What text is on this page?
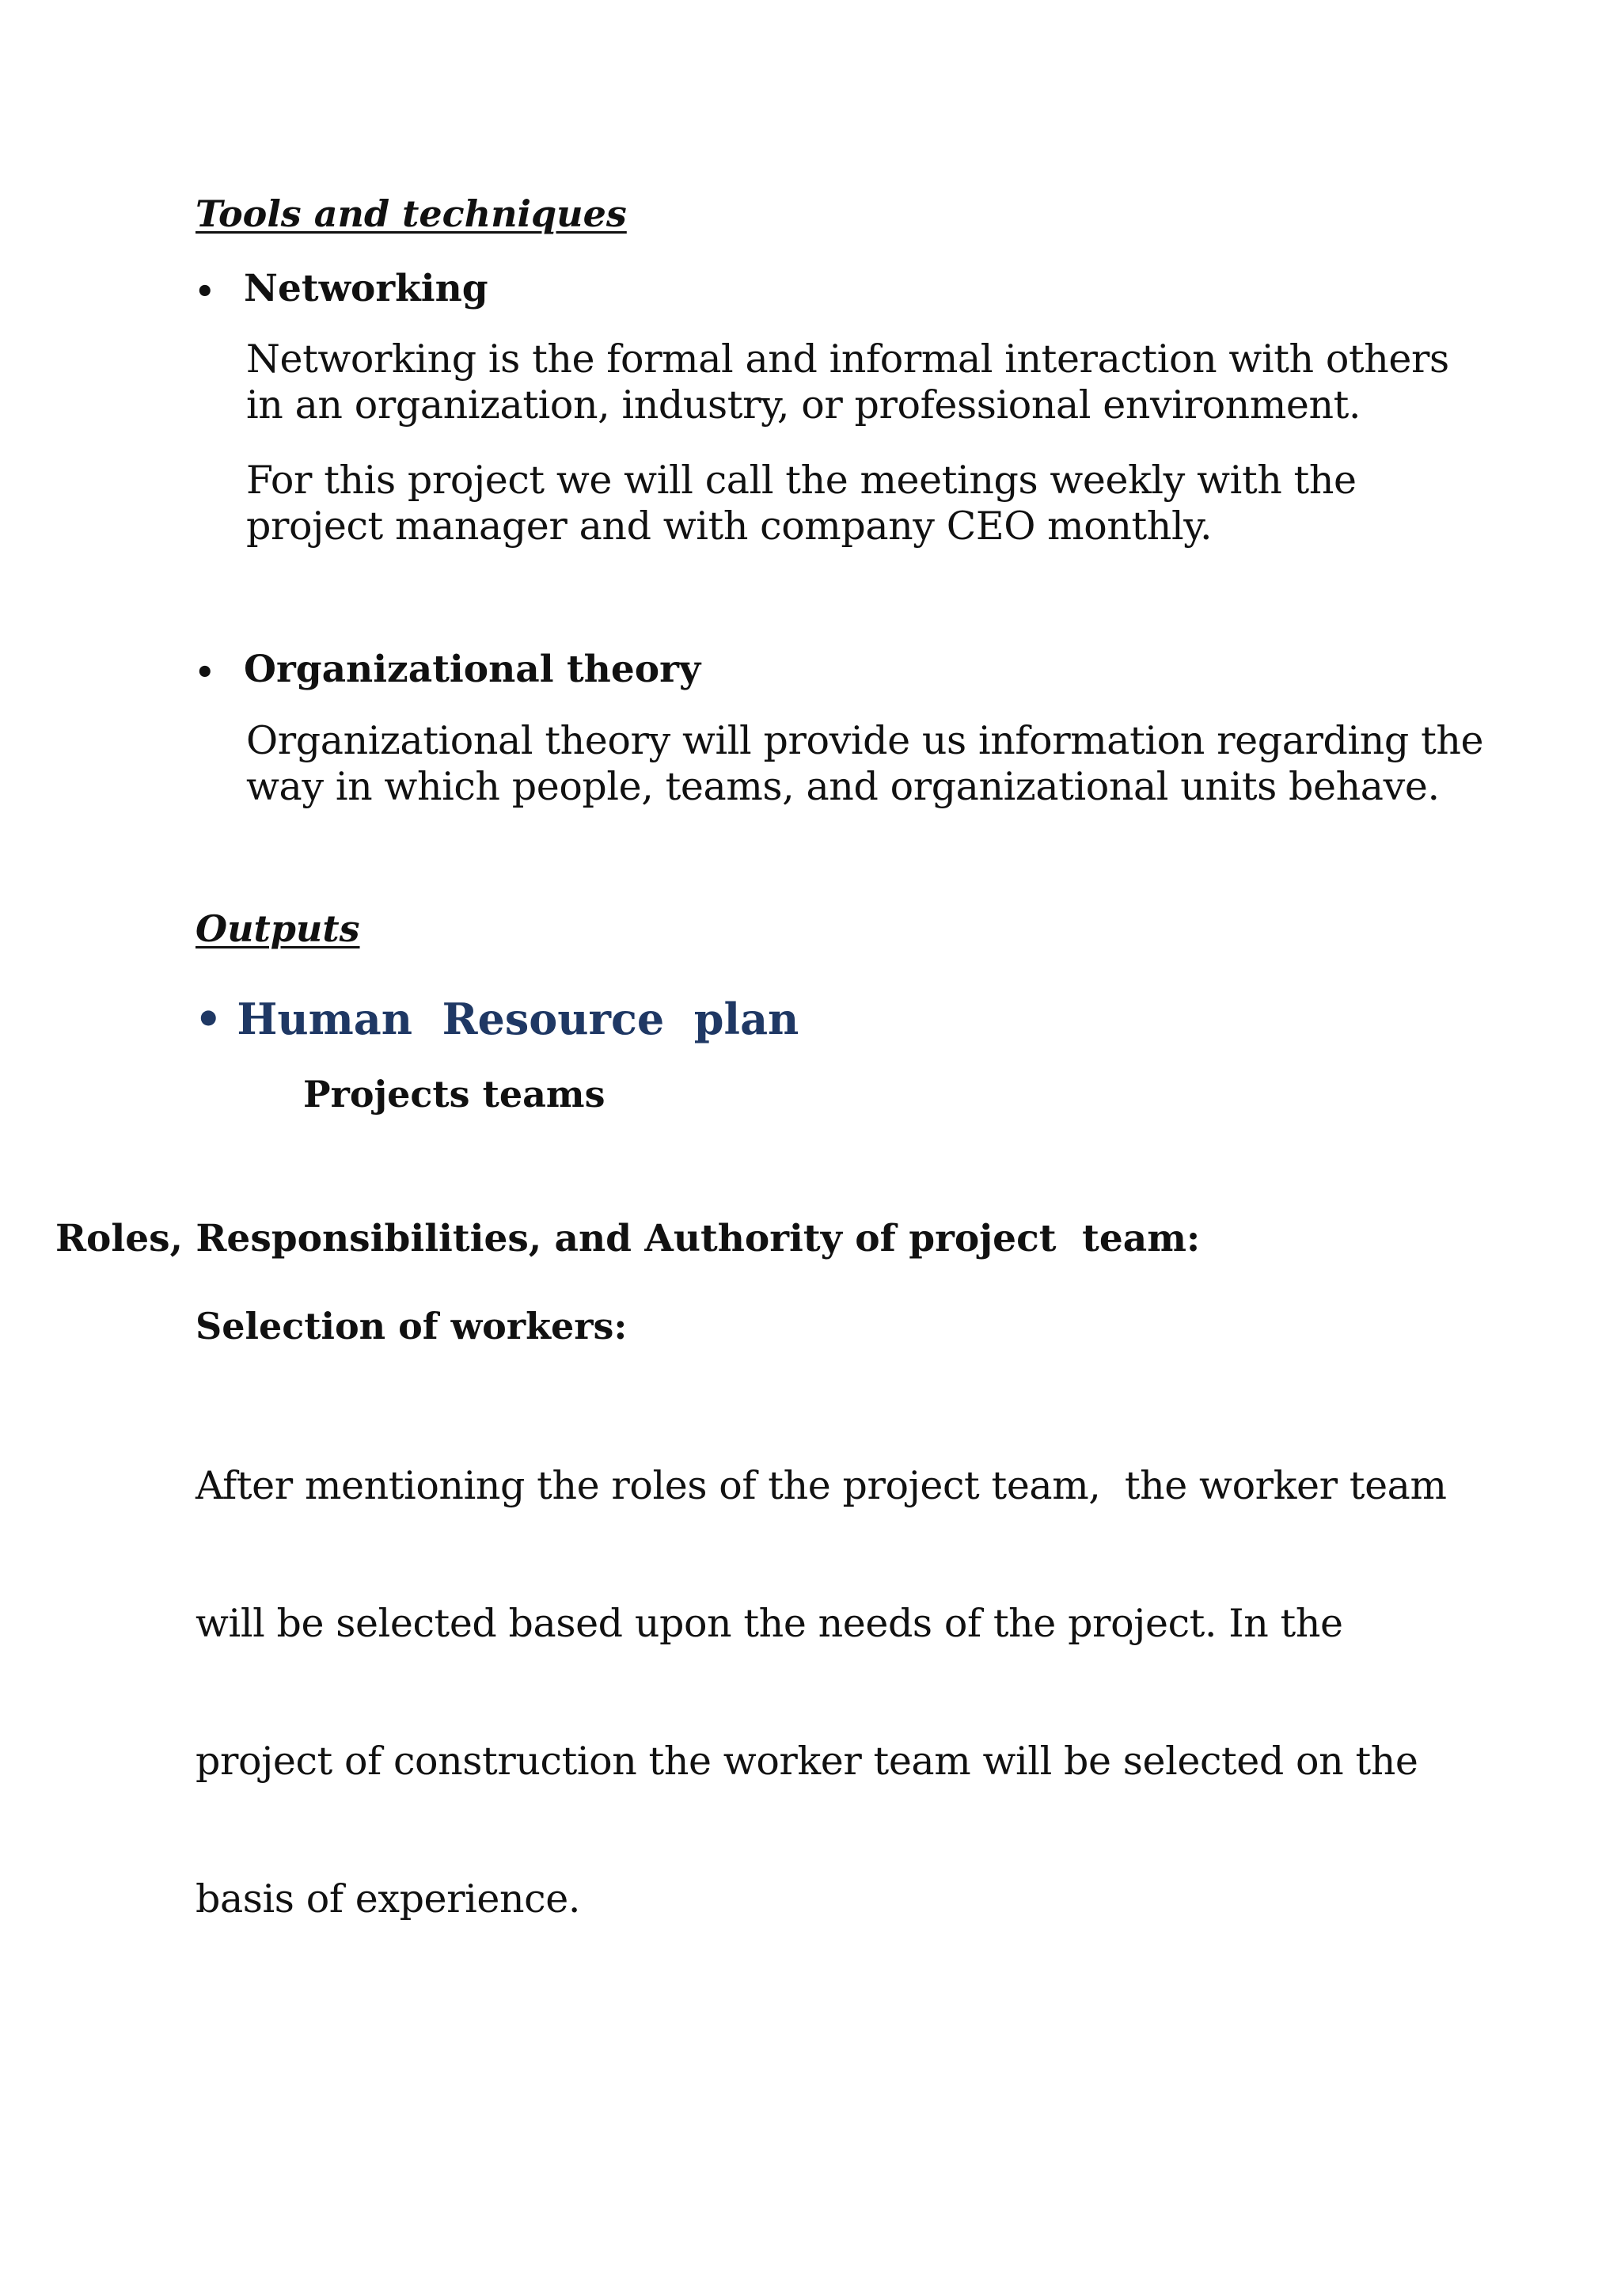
Tools and techniques
• Networking
Networking is the formal and informal interaction with others
in an organization, industry, or professional environment.
For this project we will call the meetings weekly with the
project manager and with company CEO monthly.
• Organizational theory
Organizational theory will provide us information regarding the
way in which people, teams, and organizational units behave.
Outputs
• Human  Resource  plan
Projects teams
Roles, Responsibilities, and Authority of project  team:
Selection of workers:

After mentioning the roles of the project team,  the worker team

will be selected based upon the needs of the project. In the

project of construction the worker team will be selected on the

basis of experience.
